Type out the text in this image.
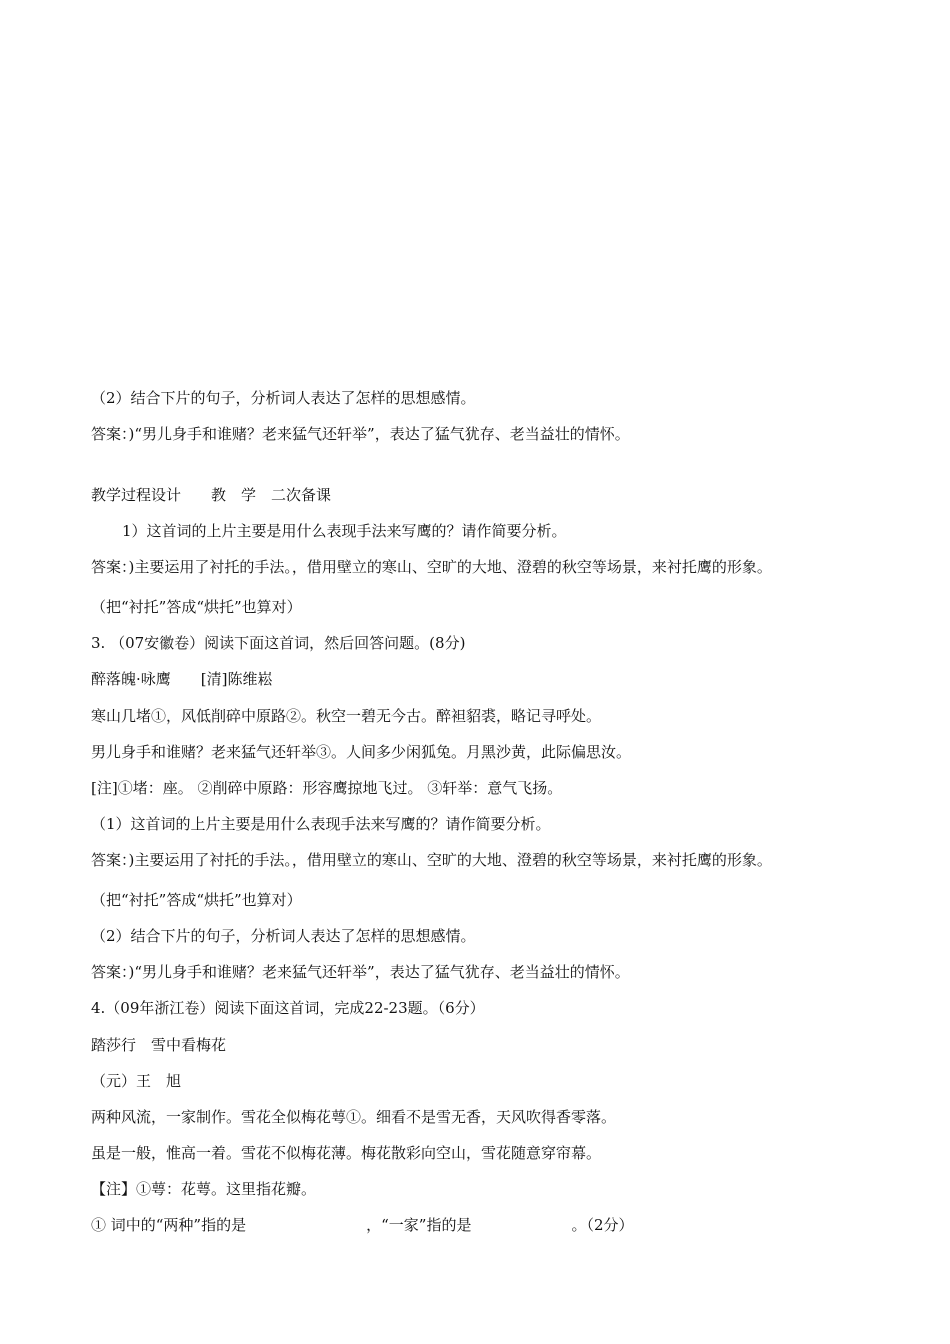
（2）结合下片的句子，分析词人表达了怎样的思想感情。
答案：)“男儿身手和谁赌？老来猛气还轩举”，表达了猛气犹存、老当益壮的情怀。
教学过程设计　　教　学　二次备课
1）这首词的上片主要是用什么表现手法来写鹰的？请作简要分析。
答案：)主要运用了衬托的手法。，借用壁立的寒山、空旷的大地、澄碧的秋空等场景，来衬托鹰的形象。
（把“衬托”答成“烘托”也算对）
3. （07安徽卷）阅读下面这首词，然后回答问题。(8分)
醉落魄·咏鹰　　[清]陈维崧
寒山几堵①，风低削碎中原路②。秋空一碧无今古。醉袒貂裘，略记寻呼处。
男儿身手和谁赌？老来猛气还轩举③。人间多少闲狐兔。月黑沙黄，此际偏思汝。
[注]①堵：座。 ②削碎中原路：形容鹰掠地飞过。 ③轩举：意气飞扬。
（1）这首词的上片主要是用什么表现手法来写鹰的？请作简要分析。
答案：)主要运用了衬托的手法。，借用壁立的寒山、空旷的大地、澄碧的秋空等场景，来衬托鹰的形象。
（把“衬托”答成“烘托”也算对）
（2）结合下片的句子，分析词人表达了怎样的思想感情。
答案：)“男儿身手和谁赌？老来猛气还轩举”，表达了猛气犹存、老当益壮的情怀。
4.（09年浙江卷）阅读下面这首词，完成22-23题。（6分）
踏莎行　雪中看梅花
（元）王　旭
两种风流，一家制作。雪花全似梅花萼①。细看不是雪无香，天风吹得香零落。
虽是一般，惟高一着。雪花不似梅花薄。梅花散彩向空山，雪花随意穿帘幕。
【注】①萼：花萼。这里指花瓣。
① 词中的“两种”指的是	，“一家”指的是	。（2分）
